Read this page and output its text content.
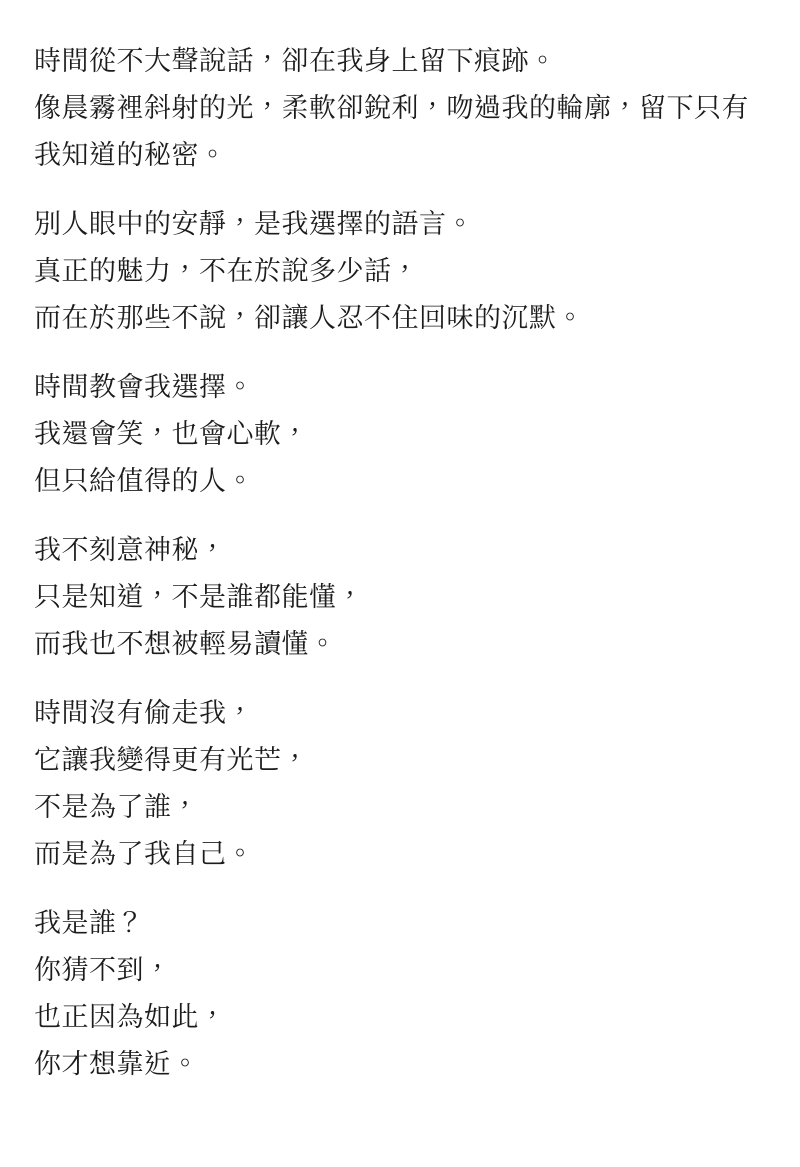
時間從不大聲說話，卻在我身上留下痕跡。
像晨霧裡斜射的光，柔軟卻銳利，吻過我的輪廓，留下只有我知道的秘密。

別人眼中的安靜，是我選擇的語言。
真正的魅力，不在於說多少話，
而在於那些不說，卻讓人忍不住回味的沉默。

時間教會我選擇。
我還會笑，也會心軟，
但只給值得的人。

我不刻意神秘，
只是知道，不是誰都能懂，
而我也不想被輕易讀懂。

時間沒有偷走我，
它讓我變得更有光芒，
不是為了誰，
而是為了我自己。

我是誰？
你猜不到，
也正因為如此，
你才想靠近。
